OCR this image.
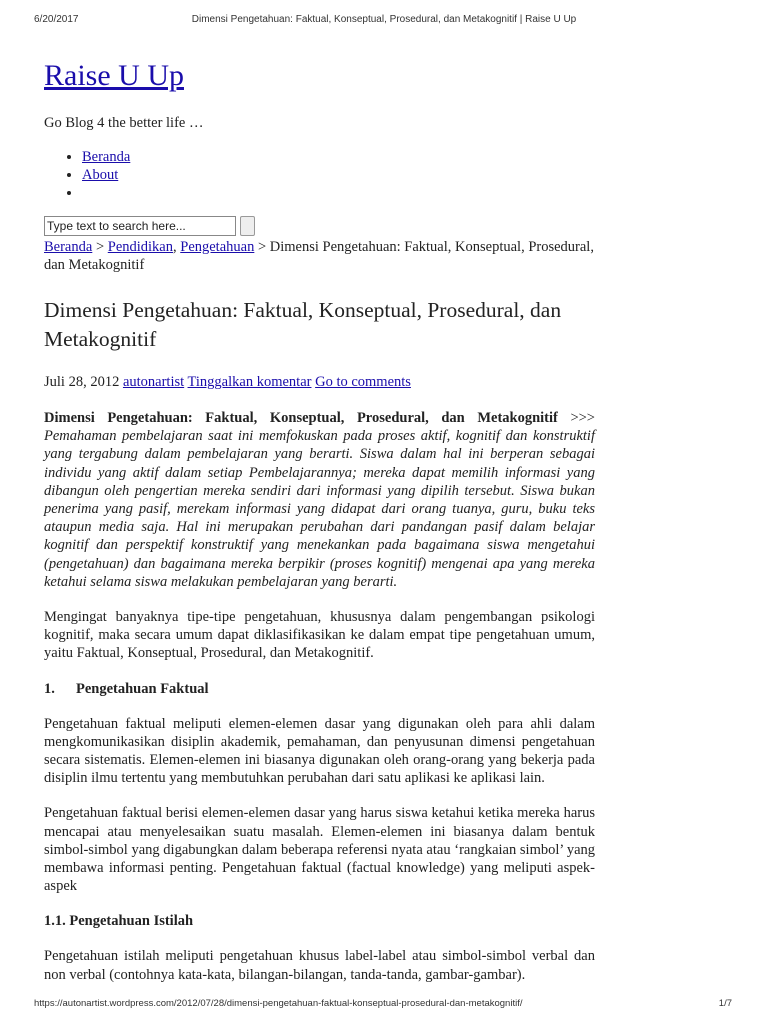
6/20/2017	Dimensi Pengetahuan: Faktual, Konseptual, Prosedural, dan Metakognitif | Raise U Up
Raise U Up

Go Blog 4 the better life …

• Beranda
• About
•
Type text to search here...
Beranda > Pendidikan, Pengetahuan > Dimensi Pengetahuan: Faktual, Konseptual, Prosedural, dan Metakognitif
Dimensi Pengetahuan: Faktual, Konseptual, Prosedural, dan Metakognitif
Juli 28, 2012 autonartist Tinggalkan komentar Go to comments
Dimensi Pengetahuan: Faktual, Konseptual, Prosedural, dan Metakognitif >>> Pemahaman pembelajaran saat ini memfokuskan pada proses aktif, kognitif dan konstruktif yang tergabung dalam pembelajaran yang berarti. Siswa dalam hal ini berperan sebagai individu yang aktif dalam setiap Pembelajarannya; mereka dapat memilih informasi yang dibangun oleh pengertian mereka sendiri dari informasi yang dipilih tersebut. Siswa bukan penerima yang pasif, merekam informasi yang didapat dari orang tuanya, guru, buku teks ataupun media saja. Hal ini merupakan perubahan dari pandangan pasif dalam belajar kognitif dan perspektif konstruktif yang menekankan pada bagaimana siswa mengetahui (pengetahuan) dan bagaimana mereka berpikir (proses kognitif) mengenai apa yang mereka ketahui selama siswa melakukan pembelajaran yang berarti.

Mengingat banyaknya tipe-tipe pengetahuan, khususnya dalam pengembangan psikologi kognitif, maka secara umum dapat diklasifikasikan ke dalam empat tipe pengetahuan umum, yaitu Faktual, Konseptual, Prosedural, dan Metakognitif.

1. Pengetahuan Faktual

Pengetahuan faktual meliputi elemen-elemen dasar yang digunakan oleh para ahli dalam mengkomunikasikan disiplin akademik, pemahaman, dan penyusunan dimensi pengetahuan secara sistematis. Elemen-elemen ini biasanya digunakan oleh orang-orang yang bekerja pada disiplin ilmu tertentu yang membutuhkan perubahan dari satu aplikasi ke aplikasi lain.

Pengetahuan faktual berisi elemen-elemen dasar yang harus siswa ketahui ketika mereka harus mencapai atau menyelesaikan suatu masalah. Elemen-elemen ini biasanya dalam bentuk simbol-simbol yang digabungkan dalam beberapa referensi nyata atau ‘rangkaian simbol’ yang membawa informasi penting. Pengetahuan faktual (factual knowledge) yang meliputi aspek-aspek

1.1. Pengetahuan Istilah

Pengetahuan istilah meliputi pengetahuan khusus label-label atau simbol-simbol verbal dan non verbal (contohnya kata-kata, bilangan-bilangan, tanda-tanda, gambar-gambar).

https://autonartist.wordpress.com/2012/07/28/dimensi-pengetahuan-faktual-konseptual-prosedural-dan-metakognitif/	1/7
